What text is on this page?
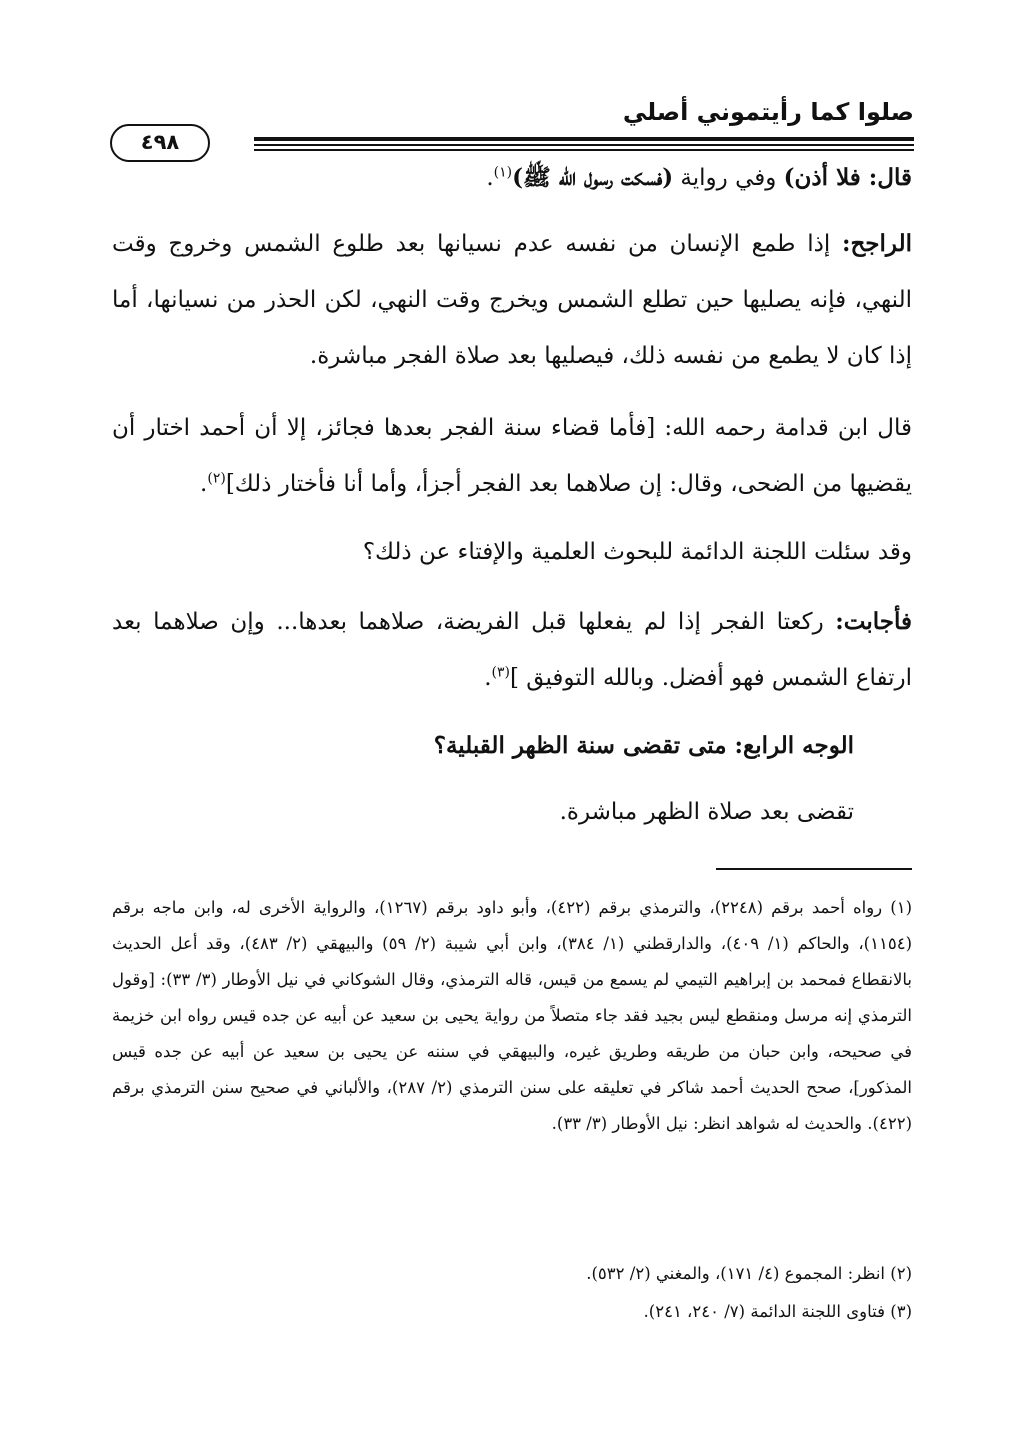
صلوا كما رأيتموني أصلي
٤٩٨

قال: فلا أذن) وفي رواية (فسكت رسول الله ﷺ)$^{(١)}$.

الراجح: إذا طمع الإنسان من نفسه عدم نسيانها بعد طلوع الشمس وخروج وقت النهي، فإنه يصليها حين تطلع الشمس ويخرج وقت النهي، لكن الحذر من نسيانها، أما إذا كان لا يطمع من نفسه ذلك، فيصليها بعد صلاة الفجر مباشرة.

قال ابن قدامة رحمه الله: [فأما قضاء سنة الفجر بعدها فجائز، إلا أن أحمد اختار أن يقضيها من الضحى، وقال: إن صلاهما بعد الفجر أجزأ، وأما أنا فأختار ذلك]$^{(٢)}$.

وقد سئلت اللجنة الدائمة للبحوث العلمية والإفتاء عن ذلك؟

فأجابت: ركعتا الفجر إذا لم يفعلها قبل الفريضة، صلاهما بعدها... وإن صلاهما بعد ارتفاع الشمس فهو أفضل. وبالله التوفيق ]$^{(٣)}$.

الوجه الرابع: متى تقضى سنة الظهر القبلية؟

تقضى بعد صلاة الظهر مباشرة.

(١) رواه أحمد برقم (٢٢٤٨)، والترمذي برقم (٤٢٢)، وأبو داود برقم (١٢٦٧)، والرواية الأخرى له، وابن ماجه برقم (١١٥٤)، والحاكم (١/ ٤٠٩)، والدارقطني (١/ ٣٨٤)، وابن أبي شيبة (٢/ ٥٩) والبيهقي (٢/ ٤٨٣)، وقد أعل الحديث بالانقطاع فمحمد بن إبراهيم التيمي لم يسمع من قيس، قاله الترمذي، وقال الشوكاني في نيل الأوطار (٣/ ٣٣): [وقول الترمذي إنه مرسل ومنقطع ليس بجيد فقد جاء متصلاً من رواية يحيى بن سعيد عن أبيه عن جده قيس رواه ابن خزيمة في صحيحه، وابن حبان من طريقه وطريق غيره، والبيهقي في سننه عن يحيى بن سعيد عن أبيه عن جده قيس المذكور]، صحح الحديث أحمد شاكر في تعليقه على سنن الترمذي (٢/ ٢٨٧)، والألباني في صحيح سنن الترمذي برقم (٤٢٢). والحديث له شواهد انظر: نيل الأوطار (٣/ ٣٣).

(٢) انظر: المجموع (٤/ ١٧١)، والمغني (٢/ ٥٣٢).

(٣) فتاوى اللجنة الدائمة (٧/ ٢٤٠، ٢٤١).
